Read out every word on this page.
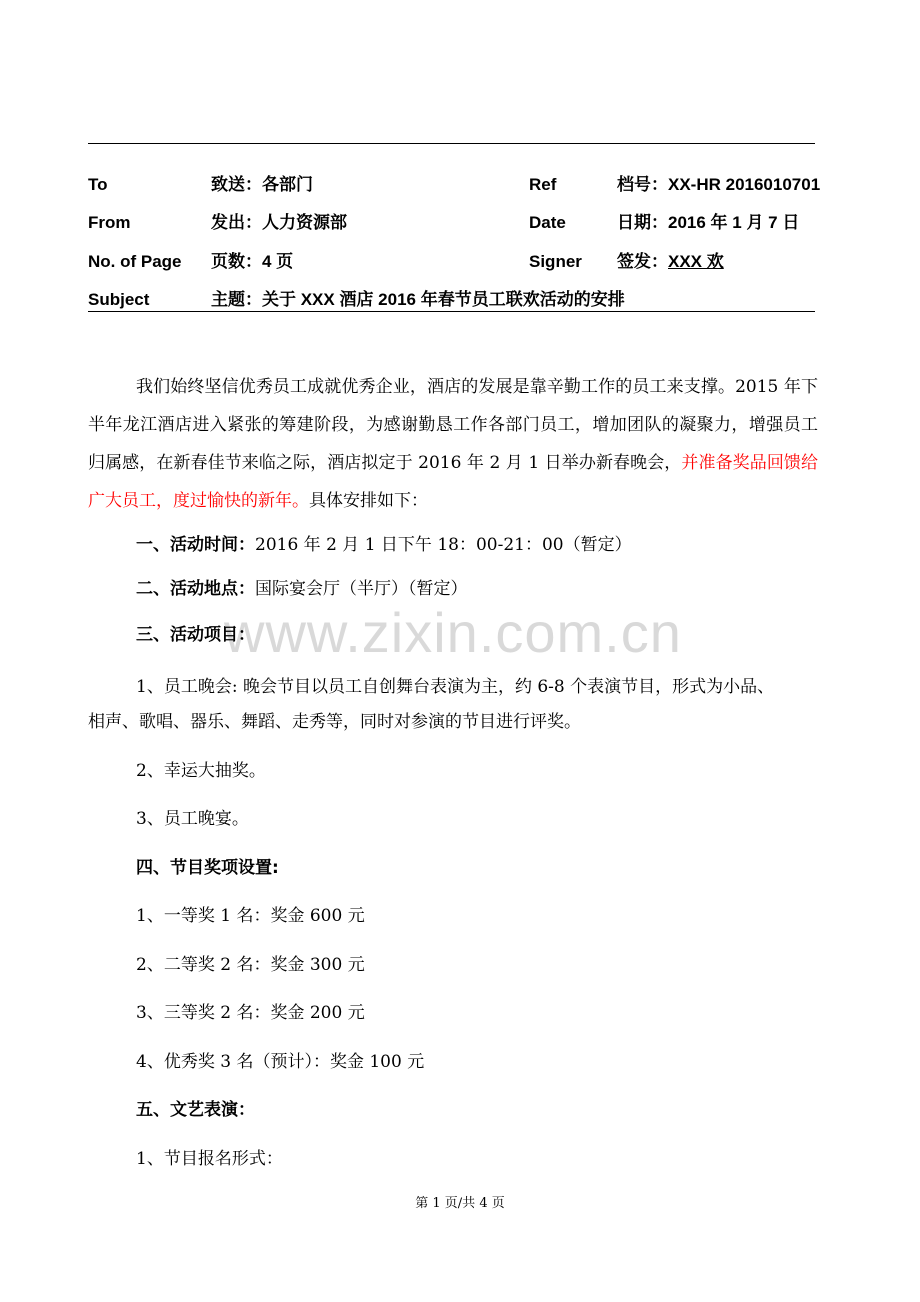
To	致送：各部门	Ref	档号：XX-HR 2016010701
From	发出：人力资源部	Date	日期：2016 年 1 月 7 日
No. of Page 页数：4 页	Signer 签发：XXX 欢
Subject	主题：关于 XXX 酒店 2016 年春节员工联欢活动的安排
www.zixin.com.cn
我们始终坚信优秀员工成就优秀企业，酒店的发展是靠辛勤工作的员工来支撑。2015 年下半年龙江酒店进入紧张的筹建阶段，为感谢勤恳工作各部门员工，增加团队的凝聚力，增强员工归属感，在新春佳节来临之际，酒店拟定于 2016 年 2 月 1 日举办新春晚会，并准备奖品回馈给广大员工，度过愉快的新年。具体安排如下：
一、活动时间：2016 年 2 月 1 日下午 18：00-21：00（暂定）
二、活动地点：国际宴会厅（半厅）（暂定）
三、活动项目：
1、员工晚会: 晚会节目以员工自创舞台表演为主，约 6-8 个表演节目，形式为小品、
相声、歌唱、器乐、舞蹈、走秀等，同时对参演的节目进行评奖。
2、幸运大抽奖。
3、员工晚宴。
四、节目奖项设置:
1、一等奖 1 名：奖金 600 元
2、二等奖 2 名：奖金 300 元
3、三等奖 2 名：奖金 200 元
4、优秀奖 3 名（预计）：奖金 100 元
五、文艺表演：
1、节目报名形式：
第 1 页/共 4 页
